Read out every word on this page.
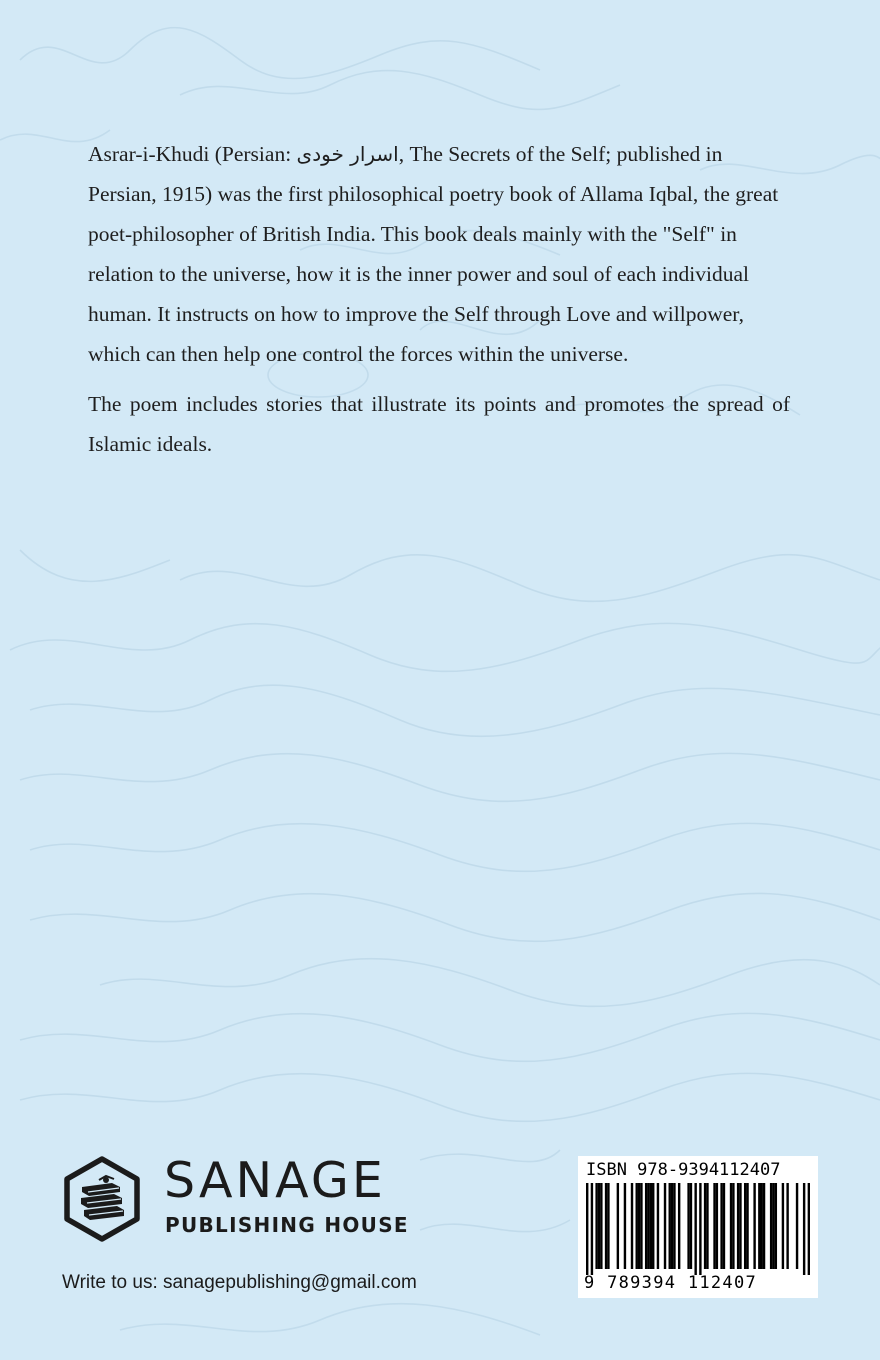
Asrar-i-Khudi (Persian: اسرار خودی, The Secrets of the Self; published in Persian, 1915) was the first philosophical poetry book of Allama Iqbal, the great poet-philosopher of British India. This book deals mainly with the "Self" in relation to the universe, how it is the inner power and soul of each individual human. It instructs on how to improve the Self through Love and willpower, which can then help one control the forces within the universe.

The poem includes stories that illustrate its points and promotes the spread of Islamic ideals.

SANAGE
PUBLISHING HOUSE
Write to us: sanagepublishing@gmail.com
ISBN 978-9394112407
9 789394 112407
